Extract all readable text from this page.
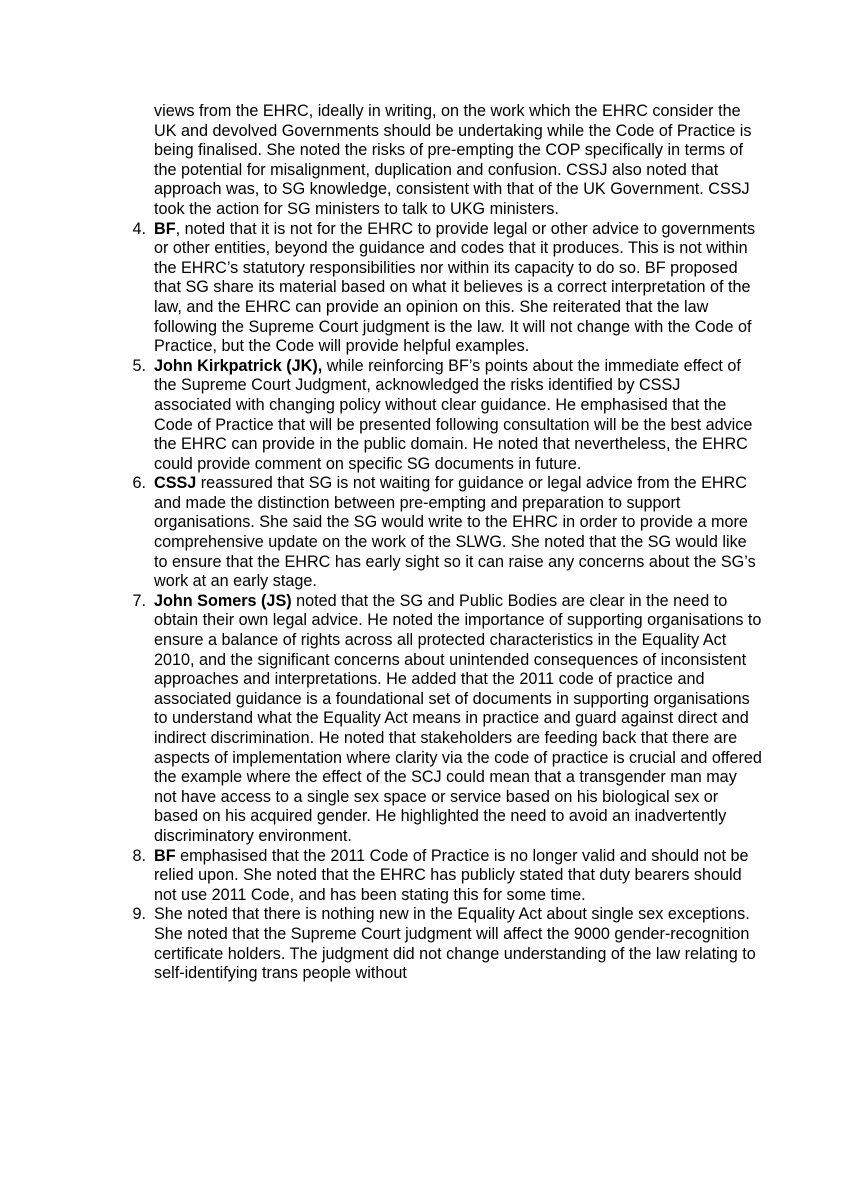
views from the EHRC, ideally in writing, on the work which the EHRC consider the UK and devolved Governments should be undertaking while the Code of Practice is being finalised. She noted the risks of pre-empting the COP specifically in terms of the potential for misalignment, duplication and confusion. CSSJ also noted that approach was, to SG knowledge, consistent with that of the UK Government. CSSJ took the action for SG ministers to talk to UKG ministers.
4. BF, noted that it is not for the EHRC to provide legal or other advice to governments or other entities, beyond the guidance and codes that it produces. This is not within the EHRC’s statutory responsibilities nor within its capacity to do so. BF proposed that SG share its material based on what it believes is a correct interpretation of the law, and the EHRC can provide an opinion on this. She reiterated that the law following the Supreme Court judgment is the law. It will not change with the Code of Practice, but the Code will provide helpful examples.
5. John Kirkpatrick (JK), while reinforcing BF’s points about the immediate effect of the Supreme Court Judgment, acknowledged the risks identified by CSSJ associated with changing policy without clear guidance. He emphasised that the Code of Practice that will be presented following consultation will be the best advice the EHRC can provide in the public domain. He noted that nevertheless, the EHRC could provide comment on specific SG documents in future.
6. CSSJ reassured that SG is not waiting for guidance or legal advice from the EHRC and made the distinction between pre-empting and preparation to support organisations. She said the SG would write to the EHRC in order to provide a more comprehensive update on the work of the SLWG. She noted that the SG would like to ensure that the EHRC has early sight so it can raise any concerns about the SG’s work at an early stage.
7. John Somers (JS) noted that the SG and Public Bodies are clear in the need to obtain their own legal advice. He noted the importance of supporting organisations to ensure a balance of rights across all protected characteristics in the Equality Act 2010, and the significant concerns about unintended consequences of inconsistent approaches and interpretations. He added that the 2011 code of practice and associated guidance is a foundational set of documents in supporting organisations to understand what the Equality Act means in practice and guard against direct and indirect discrimination. He noted that stakeholders are feeding back that there are aspects of implementation where clarity via the code of practice is crucial and offered the example where the effect of the SCJ could mean that a transgender man may not have access to a single sex space or service based on his biological sex or based on his acquired gender. He highlighted the need to avoid an inadvertently discriminatory environment.
8. BF emphasised that the 2011 Code of Practice is no longer valid and should not be relied upon. She noted that the EHRC has publicly stated that duty bearers should not use 2011 Code, and has been stating this for some time.
9. She noted that there is nothing new in the Equality Act about single sex exceptions. She noted that the Supreme Court judgment will affect the 9000 gender-recognition certificate holders. The judgment did not change understanding of the law relating to self-identifying trans people without
